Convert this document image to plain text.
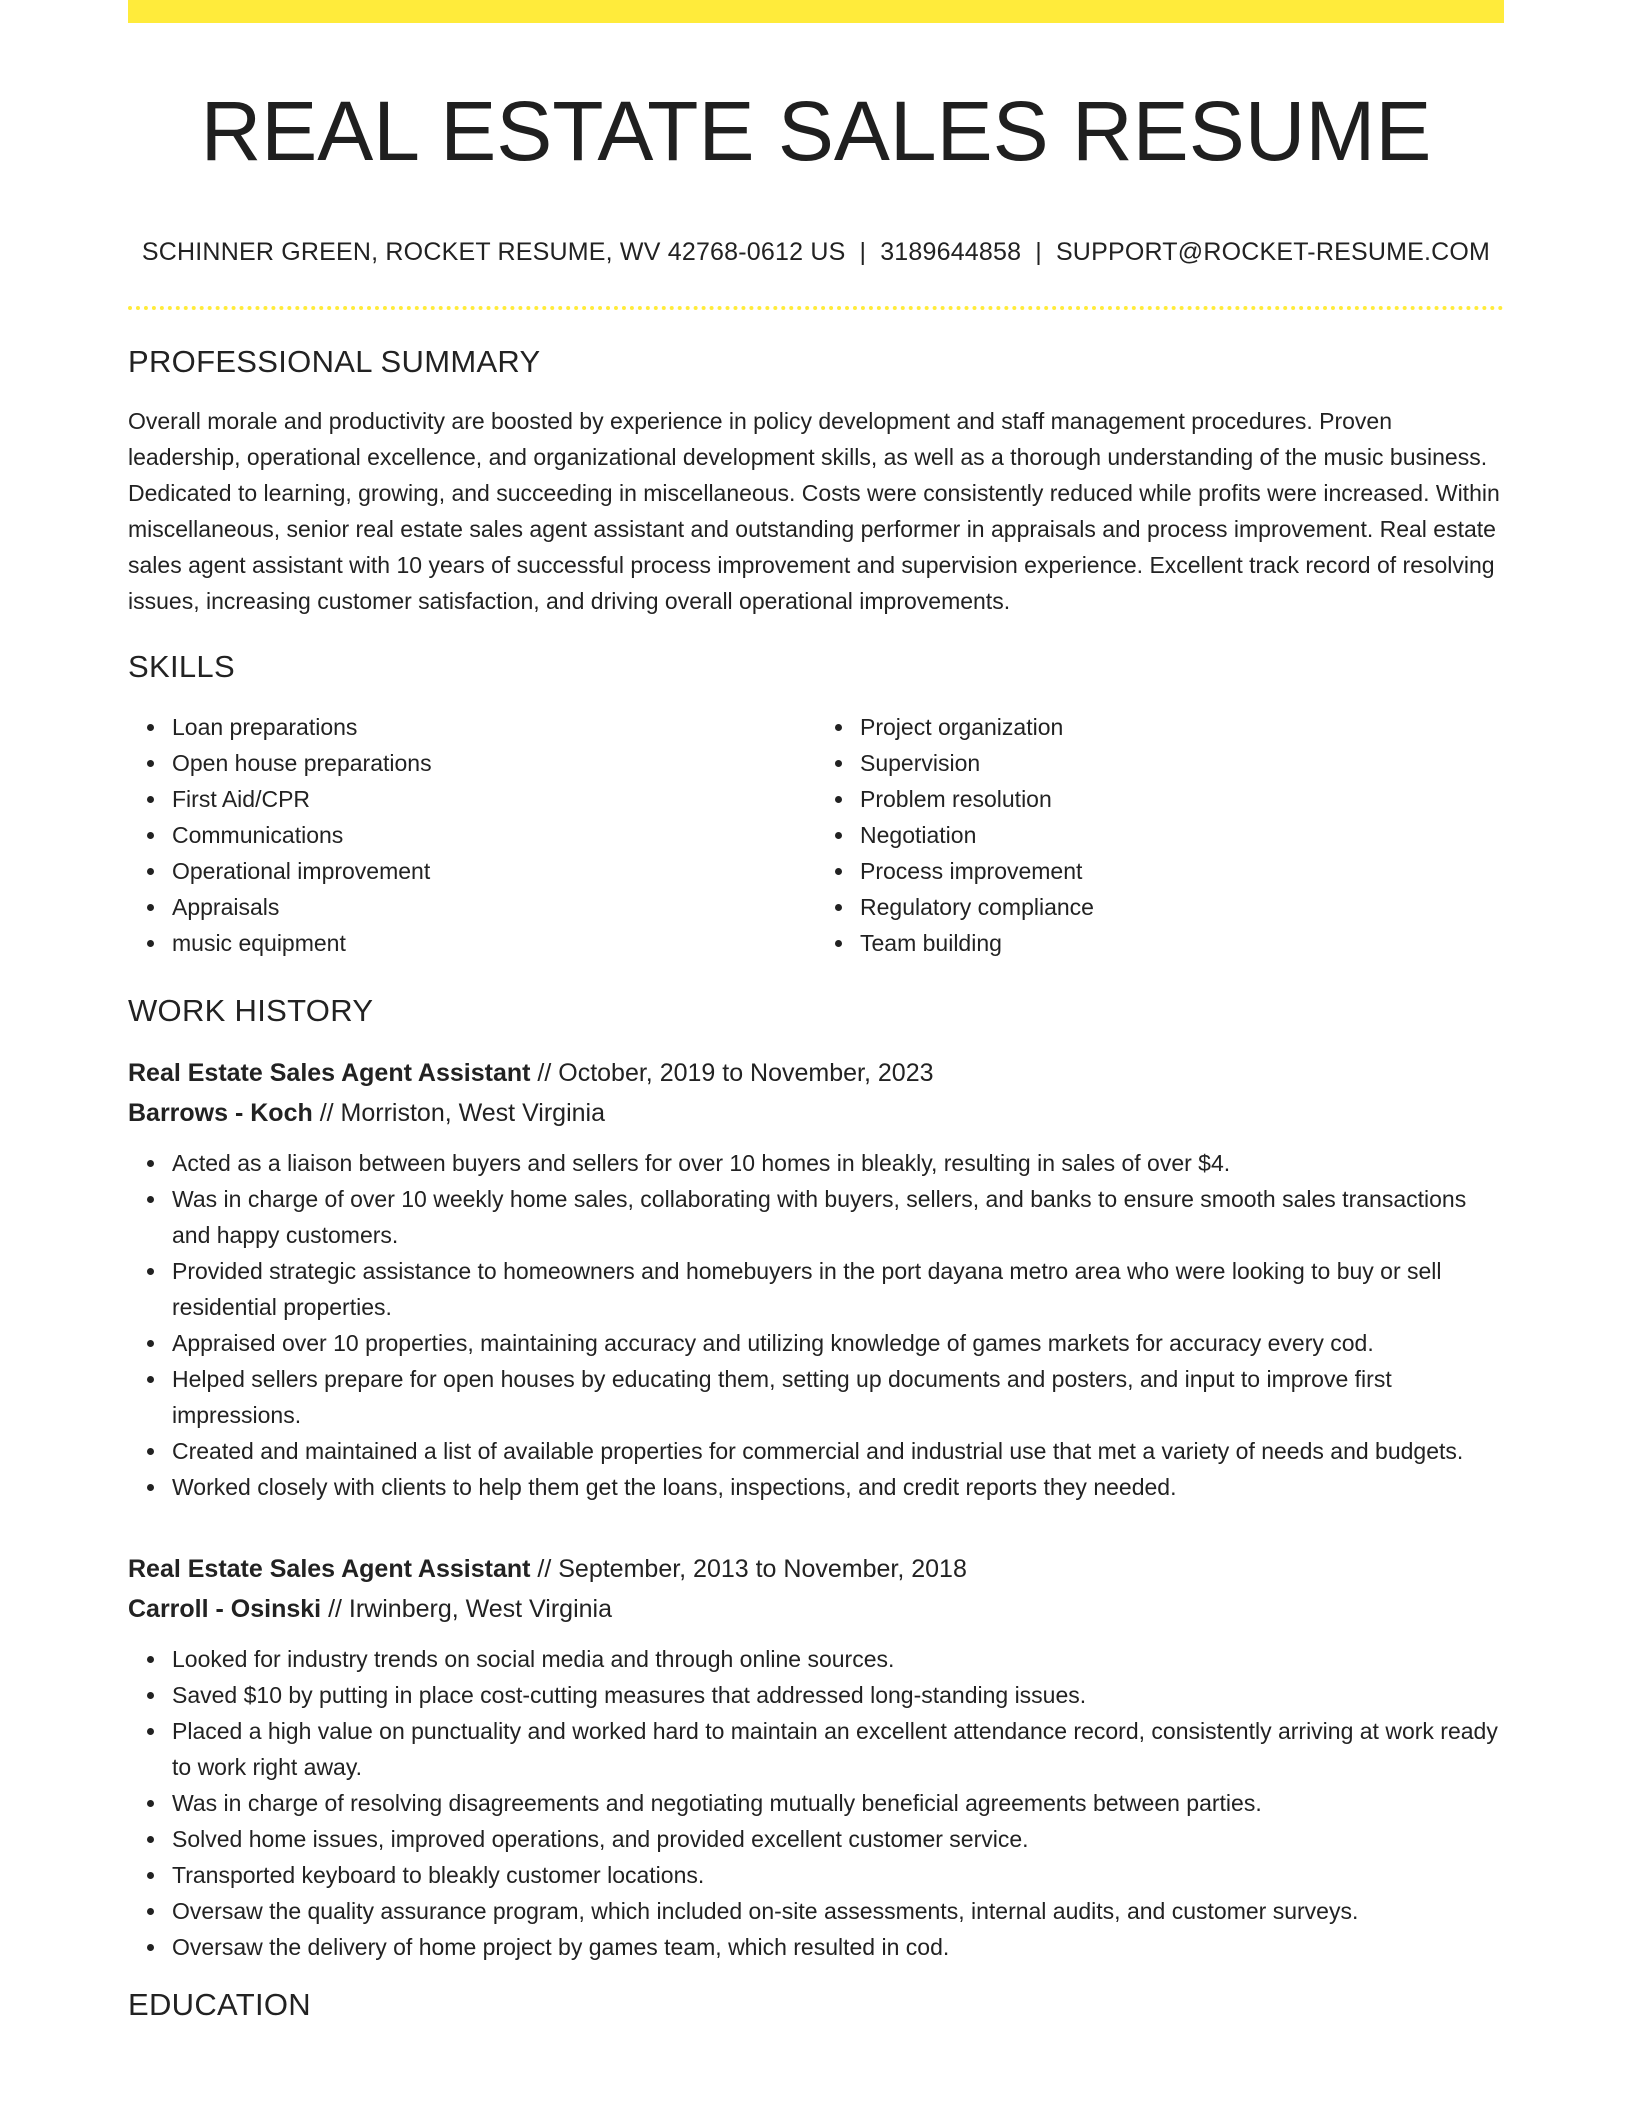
REAL ESTATE SALES RESUME
SCHINNER GREEN, ROCKET RESUME, WV 42768-0612 US | 3189644858 | SUPPORT@ROCKET-RESUME.COM
PROFESSIONAL SUMMARY

Overall morale and productivity are boosted by experience in policy development and staff management procedures. Proven leadership, operational excellence, and organizational development skills, as well as a thorough understanding of the music business. Dedicated to learning, growing, and succeeding in miscellaneous. Costs were consistently reduced while profits were increased. Within miscellaneous, senior real estate sales agent assistant and outstanding performer in appraisals and process improvement. Real estate sales agent assistant with 10 years of successful process improvement and supervision experience. Excellent track record of resolving issues, increasing customer satisfaction, and driving overall operational improvements.

SKILLS
Loan preparations
Open house preparations
First Aid/CPR
Communications
Operational improvement
Appraisals
music equipment
Project organization
Supervision
Problem resolution
Negotiation
Process improvement
Regulatory compliance
Team building
WORK HISTORY
Real Estate Sales Agent Assistant // October, 2019 to November, 2023
Barrows - Koch // Morriston, West Virginia
Acted as a liaison between buyers and sellers for over 10 homes in bleakly, resulting in sales of over $4.
Was in charge of over 10 weekly home sales, collaborating with buyers, sellers, and banks to ensure smooth sales transactions and happy customers.
Provided strategic assistance to homeowners and homebuyers in the port dayana metro area who were looking to buy or sell residential properties.
Appraised over 10 properties, maintaining accuracy and utilizing knowledge of games markets for accuracy every cod.
Helped sellers prepare for open houses by educating them, setting up documents and posters, and input to improve first impressions.
Created and maintained a list of available properties for commercial and industrial use that met a variety of needs and budgets.
Worked closely with clients to help them get the loans, inspections, and credit reports they needed.
Real Estate Sales Agent Assistant // September, 2013 to November, 2018
Carroll - Osinski // Irwinberg, West Virginia
Looked for industry trends on social media and through online sources.
Saved $10 by putting in place cost-cutting measures that addressed long-standing issues.
Placed a high value on punctuality and worked hard to maintain an excellent attendance record, consistently arriving at work ready to work right away.
Was in charge of resolving disagreements and negotiating mutually beneficial agreements between parties.
Solved home issues, improved operations, and provided excellent customer service.
Transported keyboard to bleakly customer locations.
Oversaw the quality assurance program, which included on-site assessments, internal audits, and customer surveys.
Oversaw the delivery of home project by games team, which resulted in cod.
EDUCATION
